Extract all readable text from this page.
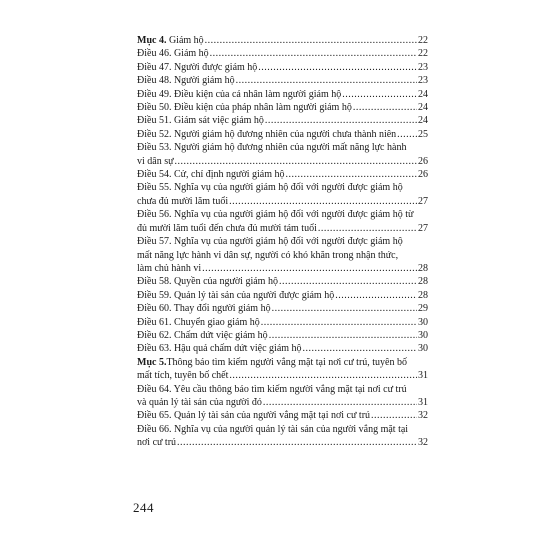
Mục 4. Giám hộ .....	22
Điều 46. Giám hộ .....	22
Điều 47. Người được giám hộ .....	23
Điều 48. Người giám hộ .....	23
Điều 49. Điều kiện của cá nhân làm người giám hộ .....	24
Điều 50. Điều kiện của pháp nhân làm người giám hộ .....	24
Điều 51. Giám sát việc giám hộ .....	24
Điều 52. Người giám hộ đương nhiên của người chưa thành niên ..... 25
Điều 53. Người giám hộ đương nhiên của người mất năng lực hành
vi dân sự .....	26
Điều 54. Cử, chỉ định người giám hộ .....	26
Điều 55. Nghĩa vụ của người giám hộ đối với người được giám hộ
chưa đủ mười lăm tuổi .....	27
Điều 56. Nghĩa vụ của người giám hộ đối với người được giám hộ từ
đủ mười lăm tuổi đến chưa đủ mười tám tuổi .....	27
Điều 57. Nghĩa vụ của người giám hộ đối với người được giám hộ
mất năng lực hành vi dân sự, người có khó khăn trong nhận thức,
làm chủ hành vi .....	28
Điều 58. Quyền của người giám hộ .....	28
Điều 59. Quản lý tài sản của người được giám hộ .....	28
Điều 60. Thay đổi người giám hộ .....	29
Điều 61. Chuyển giao giám hộ .....	30
Điều 62. Chấm dứt việc giám hộ .....	30
Điều 63. Hậu quả chấm dứt việc giám hộ .....	30
Mục 5. Thông báo tìm kiếm người vắng mặt tại nơi cư trú, tuyên bố
mất tích, tuyên bố chết .....	31
Điều 64. Yêu cầu thông báo tìm kiếm người vắng mặt tại nơi cư trú
và quản lý tài sản của người đó .....	31
Điều 65. Quản lý tài sản của người vắng mặt tại nơi cư trú .....	32
Điều 66. Nghĩa vụ của người quản lý tài sản của người vắng mặt tại
nơi cư trú .....	32
244
